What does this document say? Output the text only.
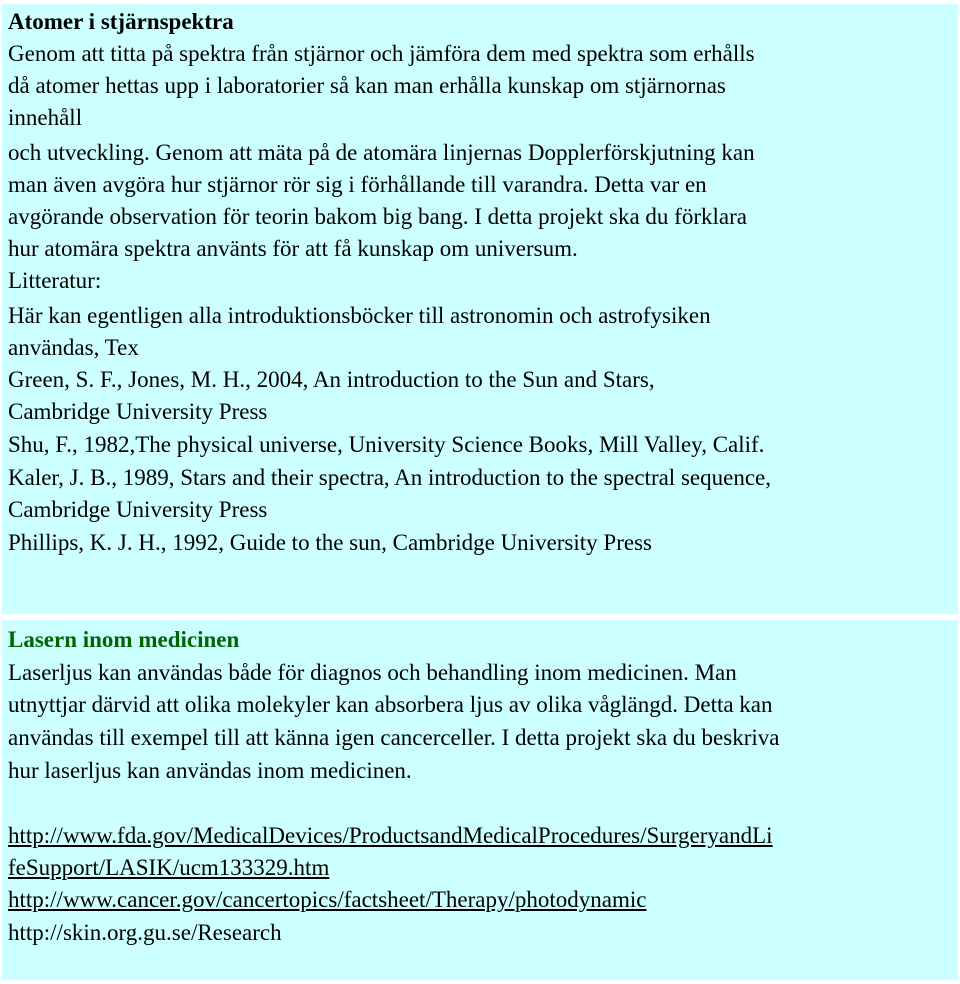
Atomer i stjärnspektra
Genom att titta på spektra från stjärnor och jämföra dem med spektra som erhålls
då atomer hettas upp i laboratorier så kan man erhålla kunskap om stjärnornas
innehåll
och utveckling. Genom att mäta på de atomära linjernas Dopplerförskjutning kan
man även avgöra hur stjärnor rör sig i förhållande till varandra. Detta var en
avgörande observation för teorin bakom big bang. I detta projekt ska du förklara
hur atomära spektra använts för att få kunskap om universum.
Litteratur:
Här kan egentligen alla introduktionsböcker till astronomin och astrofysiken
användas, Tex
Green, S. F., Jones, M. H., 2004, An introduction to the Sun and Stars,
Cambridge University Press
Shu, F., 1982,The physical universe, University Science Books, Mill Valley, Calif.
Kaler, J. B., 1989, Stars and their spectra, An introduction to the spectral sequence,
Cambridge University Press
Phillips, K. J. H., 1992, Guide to the sun, Cambridge University Press
Lasern inom medicinen
Laserljus kan användas både för diagnos och behandling inom medicinen. Man
utnyttjar därvid att olika molekyler kan absorbera ljus av olika våglängd. Detta kan
användas till exempel till att känna igen cancerceller. I detta projekt ska du beskriva
hur laserljus kan användas inom medicinen.
http://www.fda.gov/MedicalDevices/ProductsandMedicalProcedures/SurgeryandLi
feSupport/LASIK/ucm133329.htm
http://www.cancer.gov/cancertopics/factsheet/Therapy/photodynamic
http://skin.org.gu.se/Research
